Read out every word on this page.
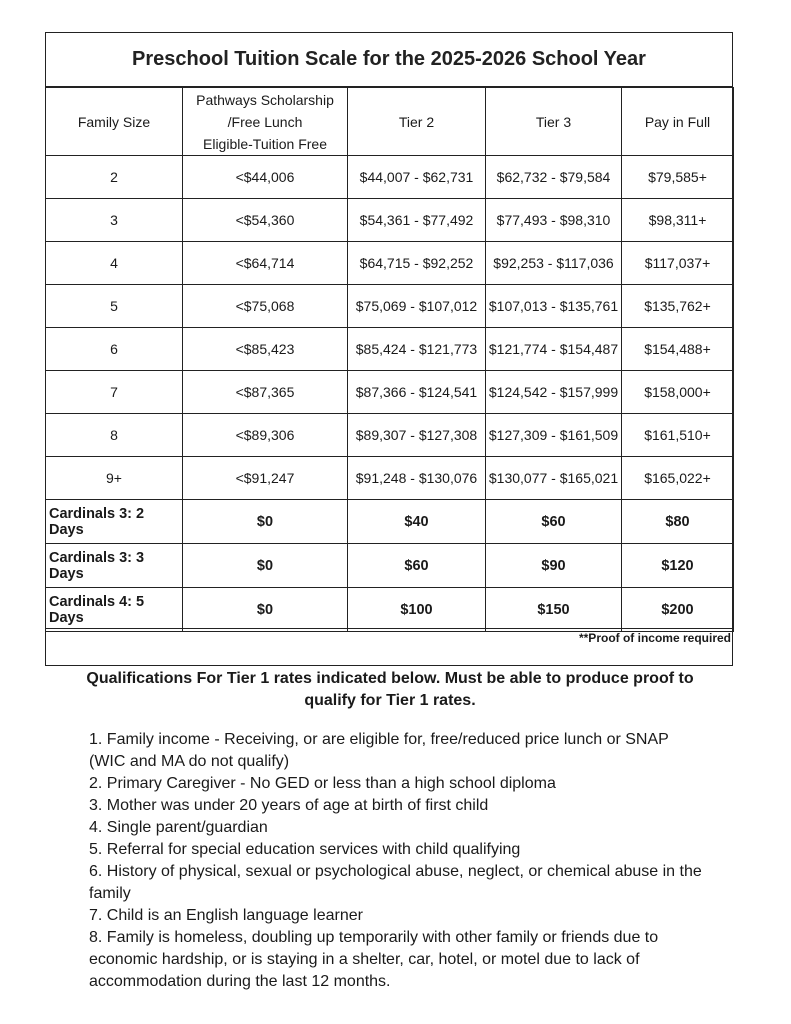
Preschool Tuition Scale for the 2025-2026 School Year
Family Size	Pathways Scholarship
/Free Lunch
Eligible-Tuition Free	Tier 2	Tier 3	Pay in Full
2	<$44,006	$44,007 - $62,731	$62,732 - $79,584	$79,585+
3	<$54,360	$54,361 - $77,492	$77,493 - $98,310	$98,311+
4	<$64,714	$64,715 - $92,252	$92,253 - $117,036	$117,037+
5	<$75,068	$75,069 - $107,012	$107,013 - $135,761	$135,762+
6	<$85,423	$85,424 - $121,773	$121,774 - $154,487	$154,488+
7	<$87,365	$87,366 - $124,541	$124,542 - $157,999	$158,000+
8	<$89,306	$89,307 - $127,308	$127,309 - $161,509	$161,510+
9+	<$91,247	$91,248 - $130,076	$130,077 - $165,021	$165,022+
Cardinals 3: 2 Days	$0	$40	$60	$80
Cardinals 3: 3 Days	$0	$60	$90	$120
Cardinals 4: 5 Days	$0	$100	$150	$200
**Proof of income required
Qualifications For Tier 1 rates indicated below. Must be able to produce proof to qualify for Tier 1 rates.
1. Family income - Receiving, or are eligible for, free/reduced price lunch or SNAP (WIC and MA do not qualify)
2. Primary Caregiver - No GED or less than a high school diploma
3. Mother was under 20 years of age at birth of first child
4. Single parent/guardian
5. Referral for special education services with child qualifying
6. History of physical, sexual or psychological abuse, neglect, or chemical abuse in the family
7. Child is an English language learner
8. Family is homeless, doubling up temporarily with other family or friends due to economic hardship, or is staying in a shelter, car, hotel, or motel due to lack of accommodation during the last 12 months.
